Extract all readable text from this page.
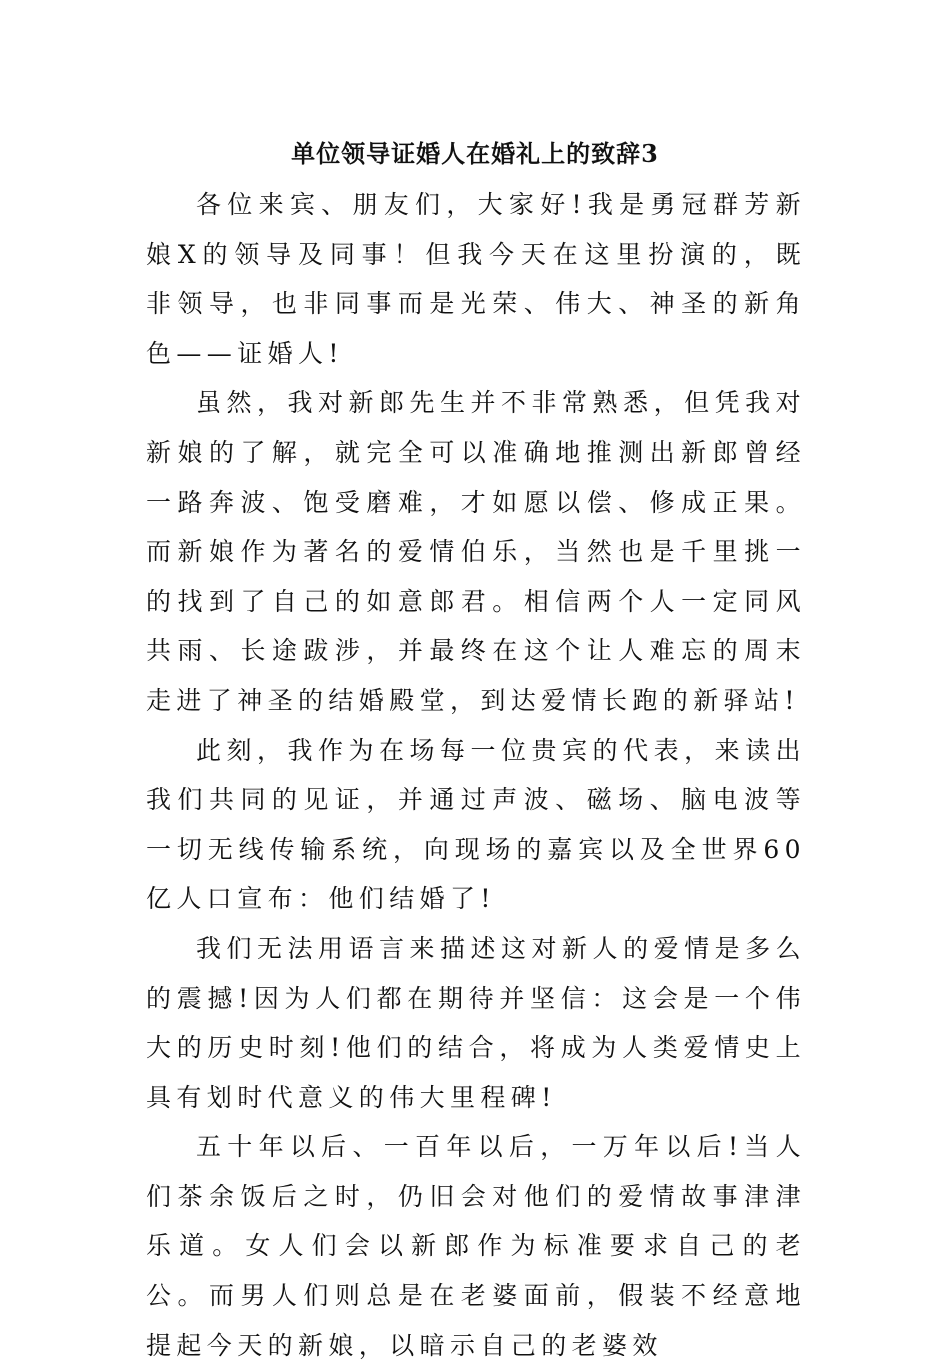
单位领导证婚人在婚礼上的致辞3

各位来宾、朋友们，大家好!我是勇冠群芳新娘X的领导及同事！但我今天在这里扮演的，既非领导，也非同事而是光荣、伟大、神圣的新角色——证婚人!

虽然，我对新郎先生并不非常熟悉，但凭我对新娘的了解，就完全可以准确地推测出新郎曾经一路奔波、饱受磨难，才如愿以偿、修成正果。而新娘作为著名的爱情伯乐，当然也是千里挑一的找到了自己的如意郎君。相信两个人一定同风共雨、长途跋涉，并最终在这个让人难忘的周末走进了神圣的结婚殿堂，到达爱情长跑的新驿站!

此刻，我作为在场每一位贵宾的代表，来读出我们共同的见证，并通过声波、磁场、脑电波等一切无线传输系统，向现场的嘉宾以及全世界60亿人口宣布：他们结婚了!

我们无法用语言来描述这对新人的爱情是多么的震撼!因为人们都在期待并坚信：这会是一个伟大的历史时刻!他们的结合，将成为人类爱情史上具有划时代意义的伟大里程碑!

五十年以后、一百年以后，一万年以后!当人们茶余饭后之时，仍旧会对他们的爱情故事津津乐道。女人们会以新郎作为标准要求自己的老公。而男人们则总是在老婆面前，假装不经意地提起今天的新娘，以暗示自己的老婆效
